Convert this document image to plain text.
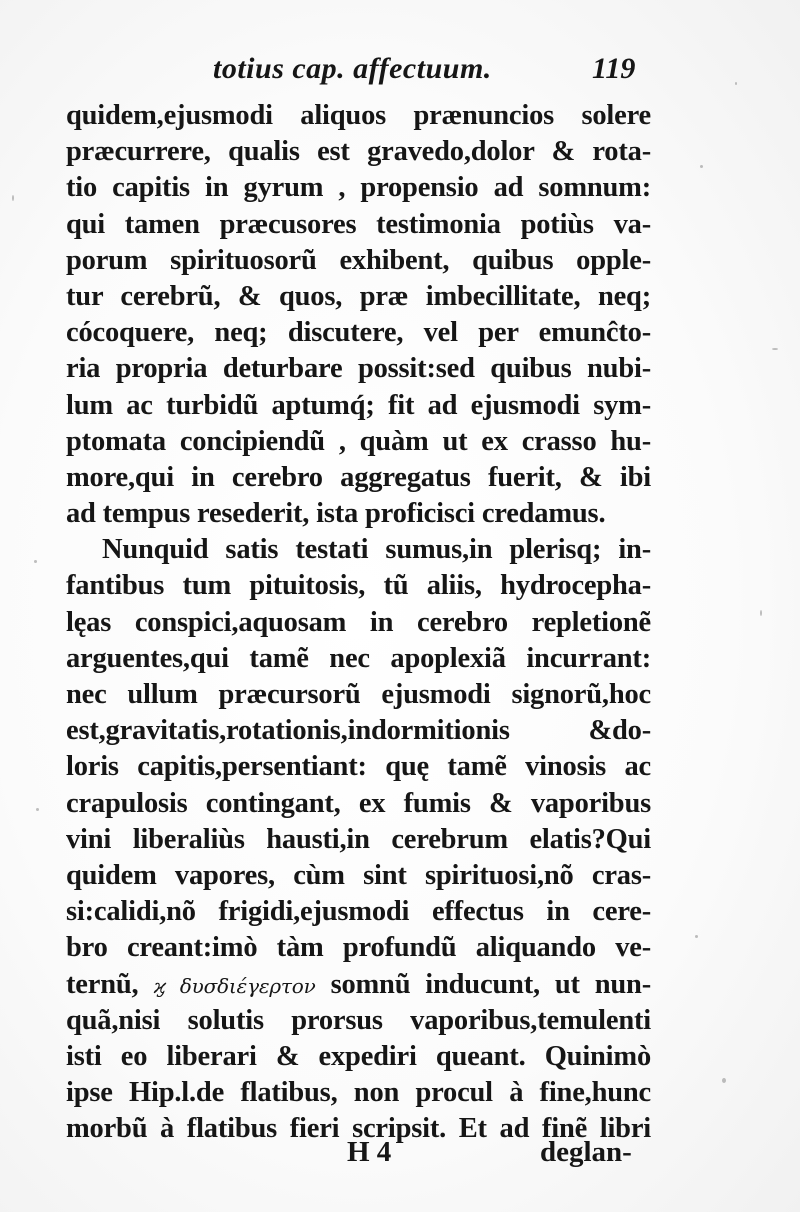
totius cap. affectuum.	119
quidem,ejusmodi aliquos prænuncios solere
præcurrere, qualis est gravedo,dolor & rota-
tio capitis in gyrum , propensio ad somnum:
qui tamen præcusores testimonia potiùs va-
porum spirituosorũ exhibent, quibus opple-
tur cerebrũ, & quos, præ imbecillitate, neq;
cócoquere, neq; discutere, vel per emunĉto-
ria propria deturbare possit:sed quibus nubi-
lum ac turbidũ aptumq́; fit ad ejusmodi sym-
ptomata concipiendũ , quàm ut ex crasso hu-
more,qui in cerebro aggregatus fuerit, & ibi
ad tempus resederit, ista proficisci credamus.
Nunquid satis testati sumus,in plerisq; in-
fantibus tum pituitosis, tũ aliis, hydrocepha-
lęas conspici,aquosam in cerebro repletionẽ
arguentes,qui tamẽ nec apoplexiã incurrant:
nec ullum præcursorũ ejusmodi signorũ,hoc
est,gravitatis,rotationis,indormitionis &do-
loris capitis,persentiant: quę tamẽ vinosis ac
crapulosis contingant, ex fumis & vaporibus
vini liberaliùs hausti,in cerebrum elatis?Qui
quidem vapores, cùm sint spirituosi,nõ cras-
si:calidi,nõ frigidi,ejusmodi effectus in cere-
bro creant:imò tàm profundũ aliquando ve-
ternũ, ϗ δυσδιέγερτον somnũ inducunt, ut nun-
quã,nisi solutis prorsus vaporibus,temulenti
isti eo liberari & expediri queant. Quinimò
ipse Hip.l.de flatibus, non procul à fine,hunc
morbũ à flatibus fieri scripsit. Et ad finẽ libri
H 4	deglan-
